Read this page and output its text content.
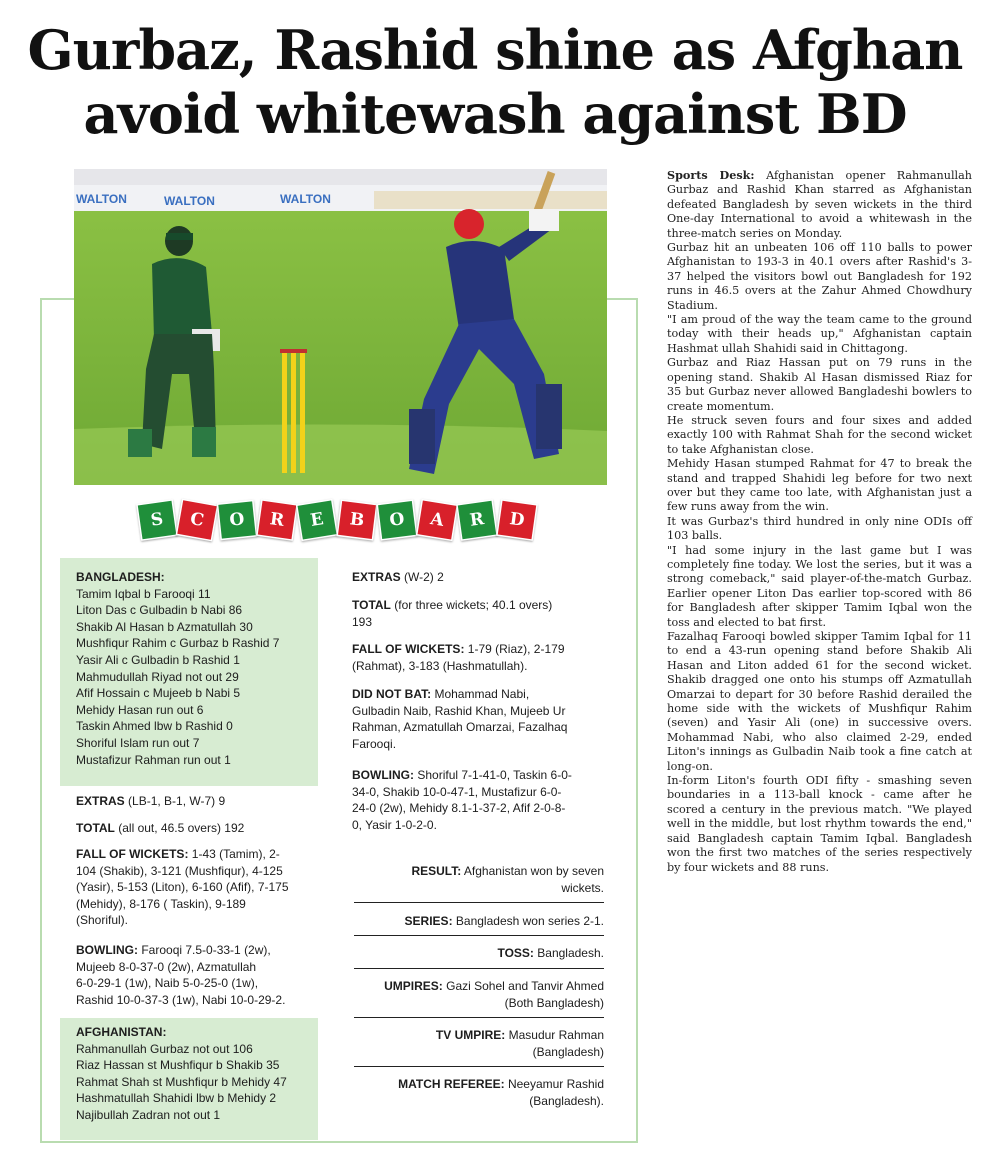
Gurbaz, Rashid shine as Afghan
avoid whitewash against BD
WALTON	WALTON	WALTON
S	C	O	R	E	B	O	A	R	D
BANGLADESH:
Tamim Iqbal b Farooqi 11
Liton Das c Gulbadin b Nabi 86
Shakib Al Hasan b Azmatullah 30
Mushfiqur Rahim c Gurbaz b Rashid 7
Yasir Ali c Gulbadin b Rashid 1
Mahmudullah Riyad not out 29
Afif Hossain c Mujeeb b Nabi 5
Mehidy Hasan run out 6
Taskin Ahmed lbw b Rashid 0
Shoriful Islam run out 7
Mustafizur Rahman run out 1
EXTRAS (LB-1, B-1, W-7) 9
TOTAL (all out, 46.5 overs) 192
FALL OF WICKETS: 1-43 (Tamim), 2-
104 (Shakib), 3-121 (Mushfiqur), 4-125
(Yasir), 5-153 (Liton), 6-160 (Afif), 7-175
(Mehidy), 8-176 ( Taskin), 9-189
(Shoriful).
BOWLING: Farooqi 7.5-0-33-1 (2w),
Mujeeb 8-0-37-0 (2w), Azmatullah
6-0-29-1 (1w), Naib 5-0-25-0 (1w),
Rashid 10-0-37-3 (1w), Nabi 10-0-29-2.
AFGHANISTAN:
Rahmanullah Gurbaz not out 106
Riaz Hassan st Mushfiqur b Shakib 35
Rahmat Shah st Mushfiqur b Mehidy 47
Hashmatullah Shahidi lbw b Mehidy 2
Najibullah Zadran not out 1
EXTRAS (W-2) 2
TOTAL (for three wickets; 40.1 overs)
193
FALL OF WICKETS: 1-79 (Riaz), 2-179
(Rahmat), 3-183 (Hashmatullah).
DID NOT BAT: Mohammad Nabi,
Gulbadin Naib, Rashid Khan, Mujeeb Ur
Rahman, Azmatullah Omarzai, Fazalhaq
Farooqi.
BOWLING: Shoriful 7-1-41-0, Taskin 6-0-
34-0, Shakib 10-0-47-1, Mustafizur 6-0-
24-0 (2w), Mehidy 8.1-1-37-2, Afif 2-0-8-
0, Yasir 1-0-2-0.
RESULT: Afghanistan won by seven
wickets.
SERIES: Bangladesh won series 2-1.
TOSS: Bangladesh.
UMPIRES: Gazi Sohel and Tanvir Ahmed
(Both Bangladesh)
TV UMPIRE: Masudur Rahman
(Bangladesh)
MATCH REFEREE: Neeyamur Rashid
(Bangladesh).

Sports Desk: Afghanistan opener Rahmanullah Gurbaz and Rashid Khan starred as Afghanistan defeated Bangladesh by seven wickets in the third One-day International to avoid a whitewash in the three-match series on Monday.

Gurbaz hit an unbeaten 106 off 110 balls to power Afghanistan to 193-3 in 40.1 overs after Rashid's 3-37 helped the visitors bowl out Bangladesh for 192 runs in 46.5 overs at the Zahur Ahmed Chowdhury Stadium.

"I am proud of the way the team came to the ground today with their heads up," Afghanistan captain Hashmat ullah Shahidi said in Chittagong.

Gurbaz and Riaz Hassan put on 79 runs in the opening stand. Shakib Al Hasan dismissed Riaz for 35 but Gurbaz never allowed Bangladeshi bowlers to create momentum.

He struck seven fours and four sixes and added exactly 100 with Rahmat Shah for the second wicket to take Afghanistan close.

Mehidy Hasan stumped Rahmat for 47 to break the stand and trapped Shahidi leg before for two next over but they came too late, with Afghanistan just a few runs away from the win.

It was Gurbaz's third hundred in only nine ODIs off 103 balls.

"I had some injury in the last game but I was completely fine today. We lost the series, but it was a strong comeback," said player-of-the-match Gurbaz. Earlier opener Liton Das earlier top-scored with 86 for Bangladesh after skipper Tamim Iqbal won the toss and elected to bat first.

Fazalhaq Farooqi bowled skipper Tamim Iqbal for 11 to end a 43-run opening stand before Shakib Ali Hasan and Liton added 61 for the second wicket. Shakib dragged one onto his stumps off Azmatullah Omarzai to depart for 30 before Rashid derailed the home side with the wickets of Mushfiqur Rahim (seven) and Yasir Ali (one) in successive overs. Mohammad Nabi, who also claimed 2-29, ended Liton's innings as Gulbadin Naib took a fine catch at long-on.

In-form Liton's fourth ODI fifty - smashing seven boundaries in a 113-ball knock - came after he scored a century in the previous match. "We played well in the middle, but lost rhythm towards the end," said Bangladesh captain Tamim Iqbal. Bangladesh won the first two matches of the series respectively by four wickets and 88 runs.
